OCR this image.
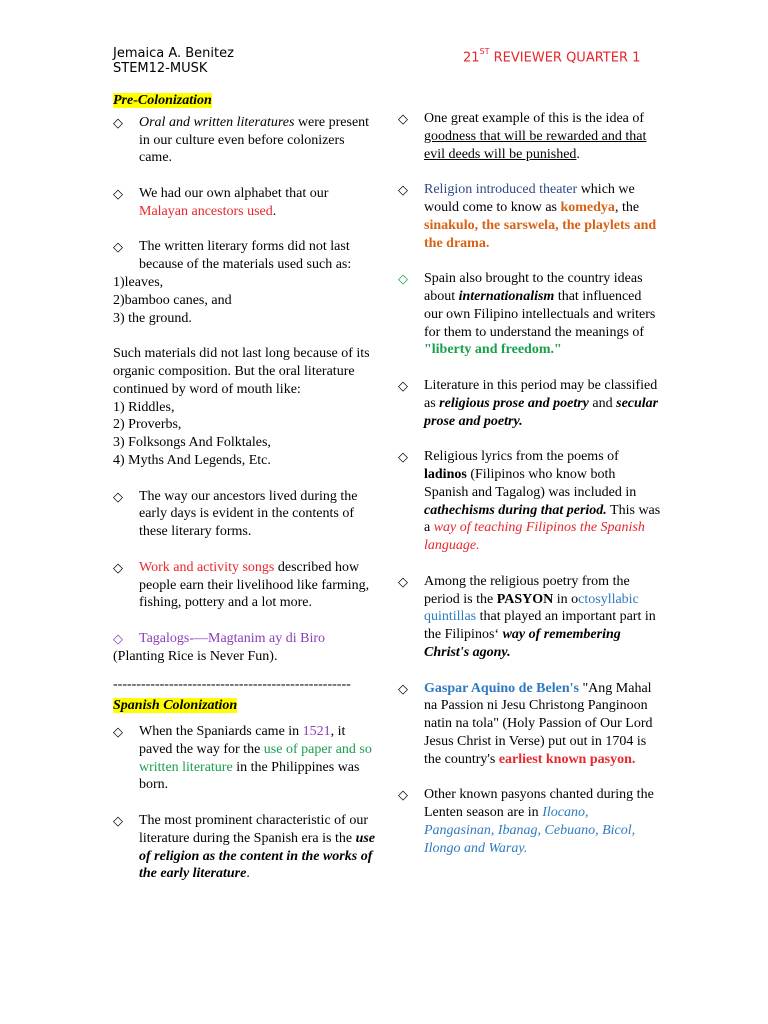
Jemaica A. Benitez
STEM12-MUSK
21ST REVIEWER QUARTER 1
Pre-Colonization
◇ Oral and written literatures were present in our culture even before colonizers came.
◇ We had our own alphabet that our Malayan ancestors used.
◇ The written literary forms did not last because of the materials used such as:
1)leaves,
2)bamboo canes, and
3) the ground.
Such materials did not last long because of its organic composition. But the oral literature continued by word of mouth like:
1) Riddles,
2) Proverbs,
3) Folksongs And Folktales,
4) Myths And Legends, Etc.
◇ The way our ancestors lived during the early days is evident in the contents of these literary forms.
◇ Work and activity songs described how people earn their livelihood like farming, fishing, pottery and a lot more.
◇ Tagalogs-—Magtanim ay di Biro
(Planting Rice is Never Fun).
---------------------------------------------------
Spanish Colonization
◇ When the Spaniards came in 1521, it paved the way for the use of paper and so written literature in the Philippines was born.
◇ The most prominent characteristic of our literature during the Spanish era is the use of religion as the content in the works of the early literature.
◇ One great example of this is the idea of goodness that will be rewarded and that evil deeds will be punished.
◇ Religion introduced theater which we would come to know as komedya, the sinakulo, the sarswela, the playlets and the drama.
◇ Spain also brought to the country ideas about internationalism that influenced our own Filipino intellectuals and writers for them to understand the meanings of "liberty and freedom."
◇ Literature in this period may be classified as religious prose and poetry and secular prose and poetry.
◇ Religious lyrics from the poems of ladinos (Filipinos who know both Spanish and Tagalog) was included in cathechisms during that period. This was a way of teaching Filipinos the Spanish language.
◇ Among the religious poetry from the period is the PASYON in octosyllabic quintillas that played an important part in the Filipinos‘ way of remembering Christ's agony.
◇ Gaspar Aquino de Belen's "Ang Mahal na Passion ni Jesu Christong Panginoon natin na tola" (Holy Passion of Our Lord Jesus Christ in Verse) put out in 1704 is the country's earliest known pasyon.
◇ Other known pasyons chanted during the Lenten season are in Ilocano, Pangasinan, Ibanag, Cebuano, Bicol, Ilongo and Waray.
